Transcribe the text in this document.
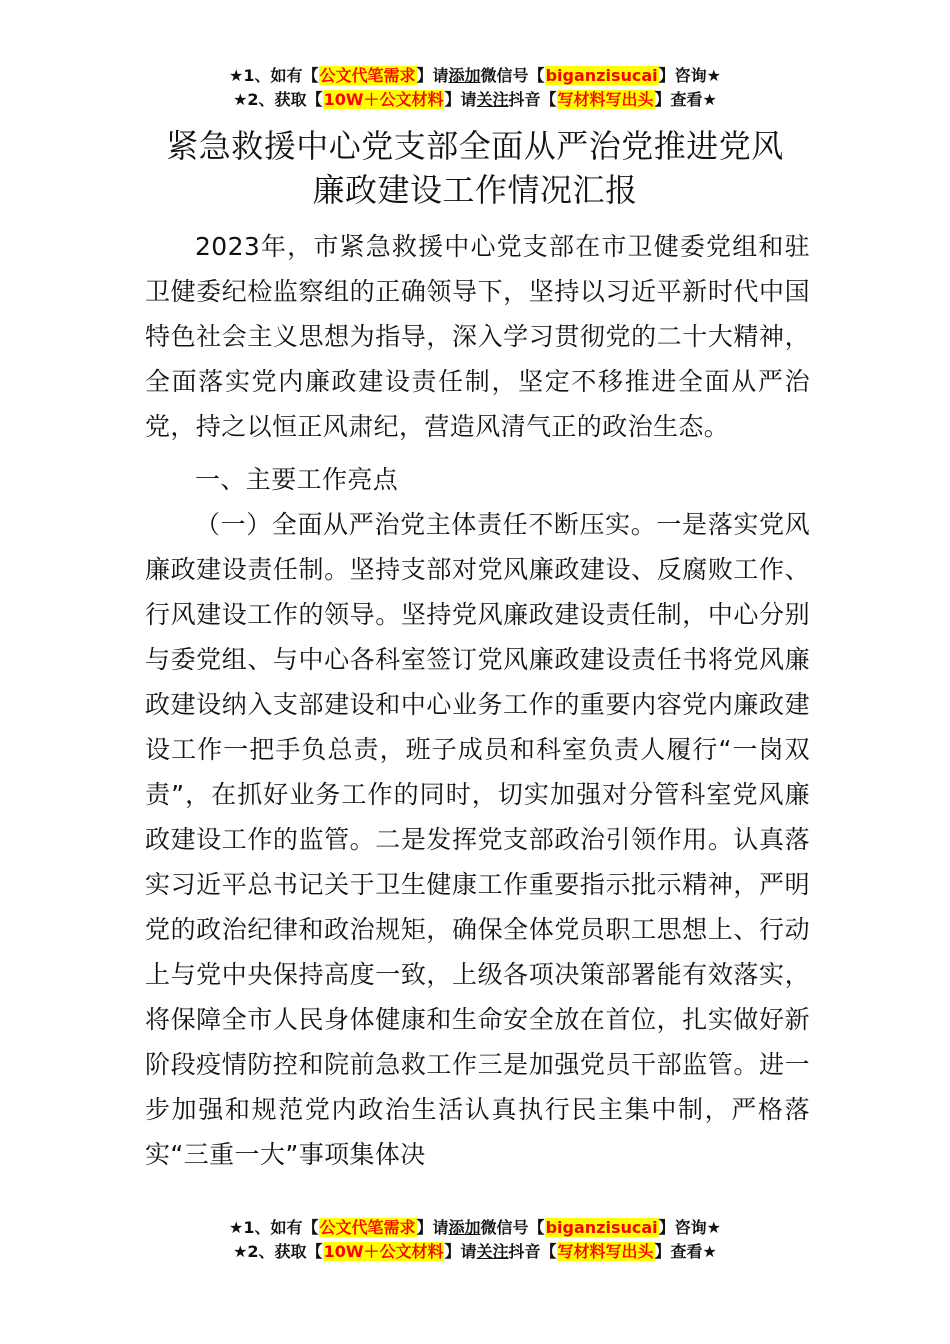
★1、如有【公文代笔需求】请添加微信号【biganzisucai】咨询★
★2、获取【10W＋公文材料】请关注抖音【写材料写出头】查看★
紧急救援中心党支部全面从严治党推进党风
廉政建设工作情况汇报

2023年，市紧急救援中心党支部在市卫健委党组和驻卫健委纪检监察组的正确领导下，坚持以习近平新时代中国特色社会主义思想为指导，深入学习贯彻党的二十大精神，全面落实党内廉政建设责任制，坚定不移推进全面从严治党，持之以恒正风肃纪，营造风清气正的政治生态。

一、主要工作亮点

（一）全面从严治党主体责任不断压实。一是落实党风廉政建设责任制。坚持支部对党风廉政建设、反腐败工作、行风建设工作的领导。坚持党风廉政建设责任制，中心分别与委党组、与中心各科室签订党风廉政建设责任书将党风廉政建设纳入支部建设和中心业务工作的重要内容党内廉政建设工作一把手负总责，班子成员和科室负责人履行“一岗双责”，在抓好业务工作的同时，切实加强对分管科室党风廉政建设工作的监管。二是发挥党支部政治引领作用。认真落实习近平总书记关于卫生健康工作重要指示批示精神，严明党的政治纪律和政治规矩，确保全体党员职工思想上、行动上与党中央保持高度一致，上级各项决策部署能有效落实，将保障全市人民身体健康和生命安全放在首位，扎实做好新阶段疫情防控和院前急救工作三是加强党员干部监管。进一步加强和规范党内政治生活认真执行民主集中制，严格落实“三重一大”事项集体决

★1、如有【公文代笔需求】请添加微信号【biganzisucai】咨询★
★2、获取【10W＋公文材料】请关注抖音【写材料写出头】查看★
